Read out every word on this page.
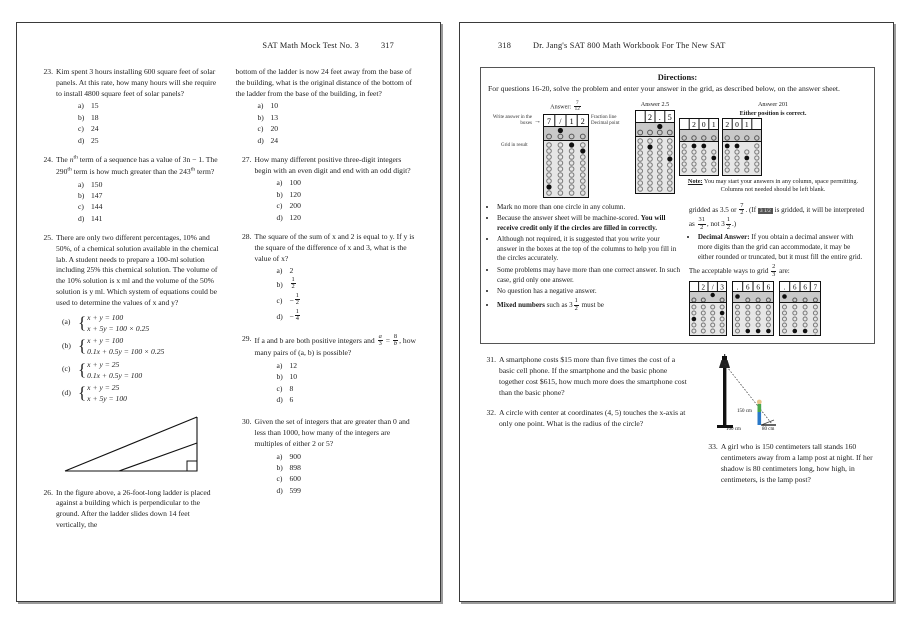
SAT Math Mock Test No. 3	317
23. Kim spent 3 hours installing 600 square feet of solar panels. At this rate, how many hours will she require to install 4800 square feet of solar panels?
a) 15
b) 18
c) 24
d) 25
24. The $n^{th}$ term of a sequence has a value of 3n − 1. The 290th term is how much greater than the 243th term?
a) 150
b) 147
c) 144
d) 141
25. There are only two different percentages, 10% and 50%, of a chemical solution available in the chemical lab. A student needs to prepare a 100-ml solution including 25% this chemical solution. The volume of the 10% solution is x ml and the volume of the 50% solution is y ml. Which system of equations could be used to determine the values of x and y?
(a) { x + y = 100
x + 5y = 100 × 0.25
(b) { x + y = 100
0.1x + 0.5y = 100 × 0.25
(c) { x + y = 25
0.1x + 0.5y = 100
(d) { x + y = 25
x + 5y = 100
26. In the figure above, a 26-foot-long ladder is placed against a building which is perpendicular to the ground. After the ladder slides down 14 feet vertically, the
bottom of the ladder is now 24 feet away from the base of the building, what is the original distance of the bottom of the ladder from the base of the building, in feet?
a) 10
b) 13
c) 20
d) 24
27. How many different positive three-digit integers begin with an even digit and end with an odd digit?
a) 100
b) 120
c) 200
d) 120
28. The square of the sum of x and 2 is equal to y. If y is the square of the difference of x and 3, what is the value of x?
a) 2
b)	$\frac{1}{2}$
$c) - \frac{1}{2}$
$d) - \frac{1}{4}$
29. If a and b are both positive integers and $\frac{a}{3} = \frac{8}{b}$ , how many pairs of (a, b) is possible?
a) 12
b) 10
c) 8
d) 6
30. Given the set of integers that are greater than 0 and less than 1000, how many of the integers are multiples of either 2 or 5?
a) 900
b) 898
c) 600
d) 599
318	Dr. Jang's SAT 800 Math Workbook For The New SAT
Directions:
For questions 16-20, solve the problem and enter your answer in the grid, as described below, on the answer sheet.
Write answer in the boxes →
Answer: $\frac{7}{12}$
7 / 1 2
Grid in result
Fraction line
Decimal point
Answer 2.5
2 . 5
Answer 201
Either position is correct.
2 0 1 2 0 1
Note: You may start your answers in any column, space permitting. Columns not needed should be left blank.
• Mark no more than one circle in any column.
• Because the answer sheet will be machine-scored. You will receive credit only if the circles are filled in correctly.
• Although not required, it is suggested that you write your answer in the boxes at the top of the columns to help you fill in the circles accurately.
• Some problems may have more than one correct answer. In such case, grid only one answer.
• No question has a negative answer.
• Mixed numbers such as $3 \frac{1}{2}$ must be
gridded as 3.5 or $\frac{7}{2}$ . (If 3 1/2 is gridded, it will be interpreted as $\frac{31}{2}$ , not $3 \frac{1}{2}$ .)
• Decimal Answer: If you obtain a decimal answer with more digits than the grid can accommodate, it may be either rounded or truncated, but it must fill the entire grid.
The acceptable ways to grid $\frac{2}{3}$ are:
2 / 3 . 6 6 6 . 6 6 7
31. A smartphone costs $15 more than five times the cost of a basic cell phone. If the smartphone and the basic phone together cost $615, how much more does the smartphone cost than the basic phone?
32. A circle with center at coordinates (4, 5) touches the x-axis at only one point. What is the radius of the circle?
150 cm
160 cm	80 cm
33. A girl who is 150 centimeters tall stands 160 centimeters away from a lamp post at night. If her shadow is 80 centimeters long, how high, in centimeters, is the lamp post?
